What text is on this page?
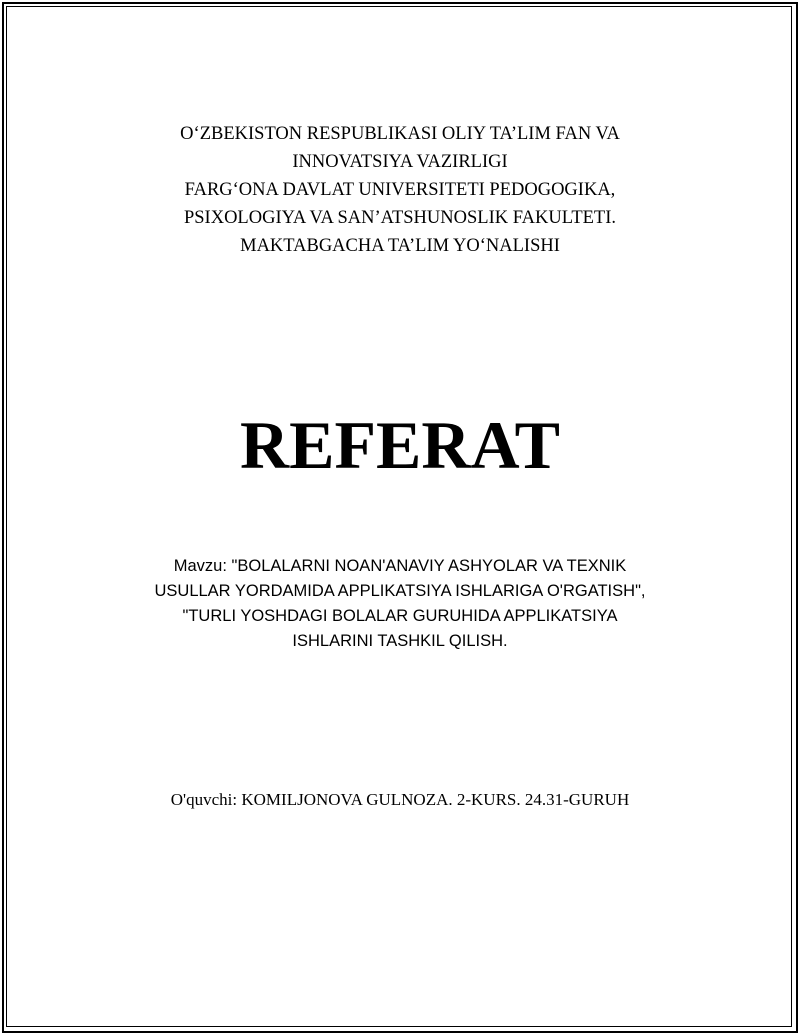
O‘ZBEKISTON RESPUBLIKASI OLIY TA’LIM FAN VA
INNOVATSIYA VAZIRLIGI
FARG‘ONA DAVLAT UNIVERSITETI PEDOGOGIKA,
PSIXOLOGIYA VA SAN’ATSHUNOSLIK FAKULTETI.
MAKTABGACHA TA’LIM YO‘NALISHI
REFERAT
Mavzu: "BOLALARNI NOAN'ANAVIY ASHYOLAR VA TEXNIK
USULLAR YORDAMIDA APPLIKATSIYA ISHLARIGA O'RGATISH",
"TURLI YOSHDAGI BOLALAR GURUHIDA APPLIKATSIYA
ISHLARINI TASHKIL QILISH.
O'quvchi: KOMILJONOVA GULNOZA. 2-KURS. 24.31-GURUH
